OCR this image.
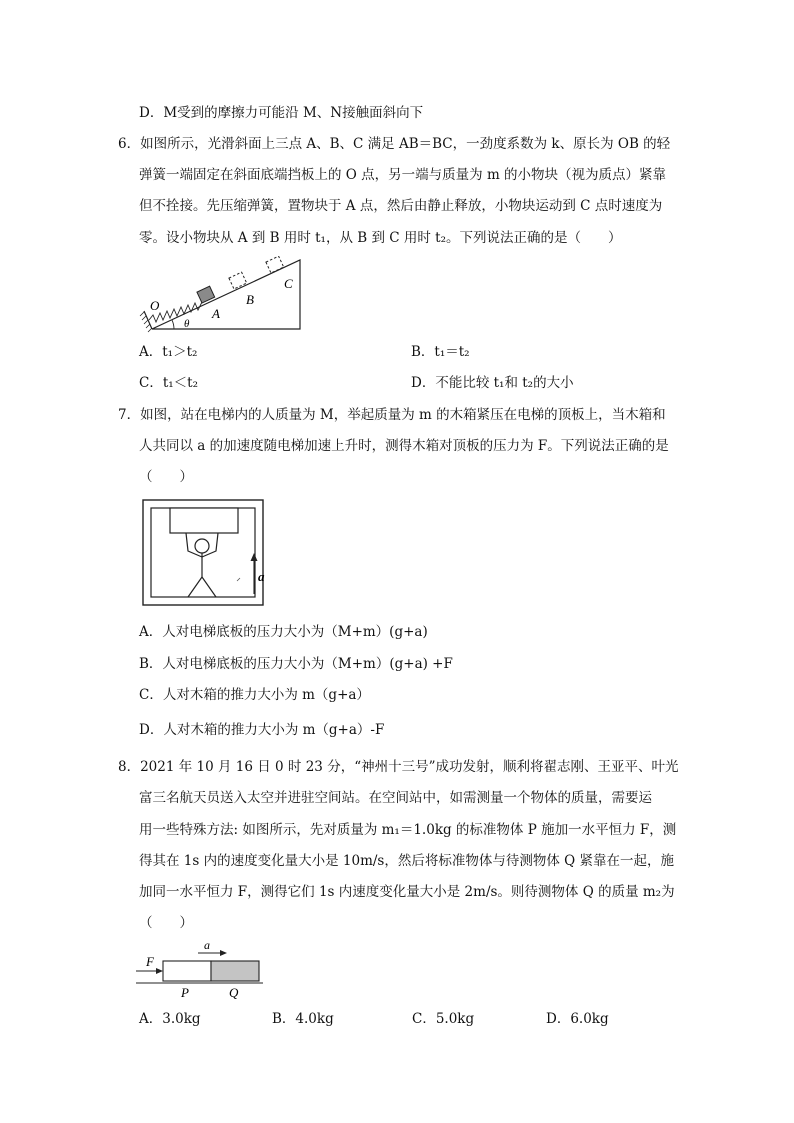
D．M受到的摩擦力可能沿 M、N接触面斜向下
6．如图所示，光滑斜面上三点 A、B、C 满足 AB＝BC，一劲度系数为 k、原长为 OB 的轻
弹簧一端固定在斜面底端挡板上的 O 点，另一端与质量为 m 的小物块（视为质点）紧靠
但不拴接。先压缩弹簧，置物块于 A 点，然后由静止释放，小物块运动到 C 点时速度为
零。设小物块从 A 到 B 用时 t₁，从 B 到 C 用时 t₂。下列说法正确的是（　　）
O
A
B
C
θ
A．t₁＞t₂	B．t₁＝t₂
C．t₁＜t₂	D．不能比较 t₁和 t₂的大小
7．如图，站在电梯内的人质量为 M，举起质量为 m 的木箱紧压在电梯的顶板上，当木箱和
人共同以 a 的加速度随电梯加速上升时，测得木箱对顶板的压力为 F。下列说法正确的是
（　　）
a
A．人对电梯底板的压力大小为（M+m）(g+a)
B．人对电梯底板的压力大小为（M+m）(g+a) +F
C．人对木箱的推力大小为 m（g+a）
D．人对木箱的推力大小为 m（g+a）-F
8．2021 年 10 月 16 日 0 时 23 分，“神州十三号”成功发射，顺利将翟志刚、王亚平、叶光
富三名航天员送入太空并进驻空间站。在空间站中，如需测量一个物体的质量，需要运
用一些特殊方法: 如图所示，先对质量为 m₁＝1.0kg 的标准物体 P 施加一水平恒力 F，测
得其在 1s 内的速度变化量大小是 10m/s，然后将标准物体与待测物体 Q 紧靠在一起，施
加同一水平恒力 F，测得它们 1s 内速度变化量大小是 2m/s。则待测物体 Q 的质量 m₂为
（　　）
a
F
P	Q
A．3.0kg	B．4.0kg	C．5.0kg	D．6.0kg
